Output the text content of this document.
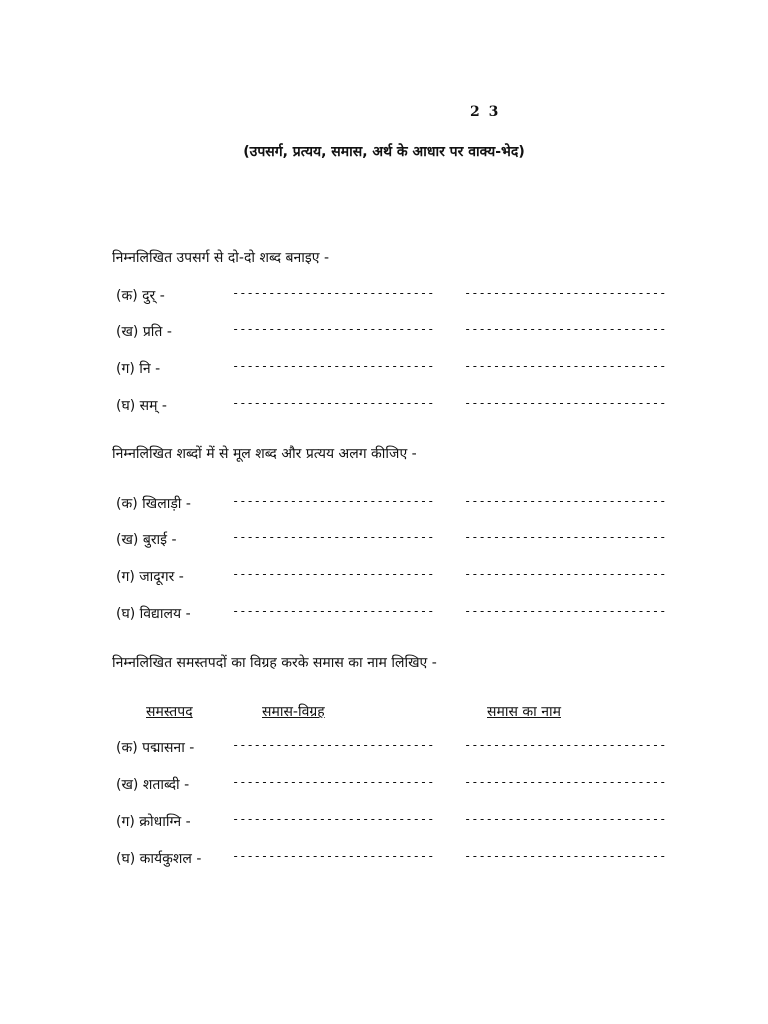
2 3
(उपसर्ग, प्रत्यय, समास, अर्थ के आधार पर वाक्य-भेद)
निम्नलिखित उपसर्ग से दो-दो शब्द बनाइए -
(क) दुर् -	---------------------------- ----------------------------
(ख) प्रति -	---------------------------- ----------------------------
(ग) नि -	---------------------------- ----------------------------
(घ) सम् -	---------------------------- ----------------------------
निम्नलिखित शब्दों में से मूल शब्द और प्रत्यय अलग कीजिए -
(क) खिलाड़ी -	---------------------------- ----------------------------
(ख) बुराई -	---------------------------- ----------------------------
(ग) जादूगर -	---------------------------- ----------------------------
(घ) विद्यालय -	---------------------------- ----------------------------
निम्नलिखित समस्तपदों का विग्रह करके समास का नाम लिखिए -
समस्तपद	समास-विग्रह	समास का नाम
(क) पद्मासना -	---------------------------- ----------------------------
(ख) शताब्दी -	---------------------------- ----------------------------
(ग) क्रोधाग्नि -	---------------------------- ----------------------------
(घ) कार्यकुशल -	---------------------------- ----------------------------
